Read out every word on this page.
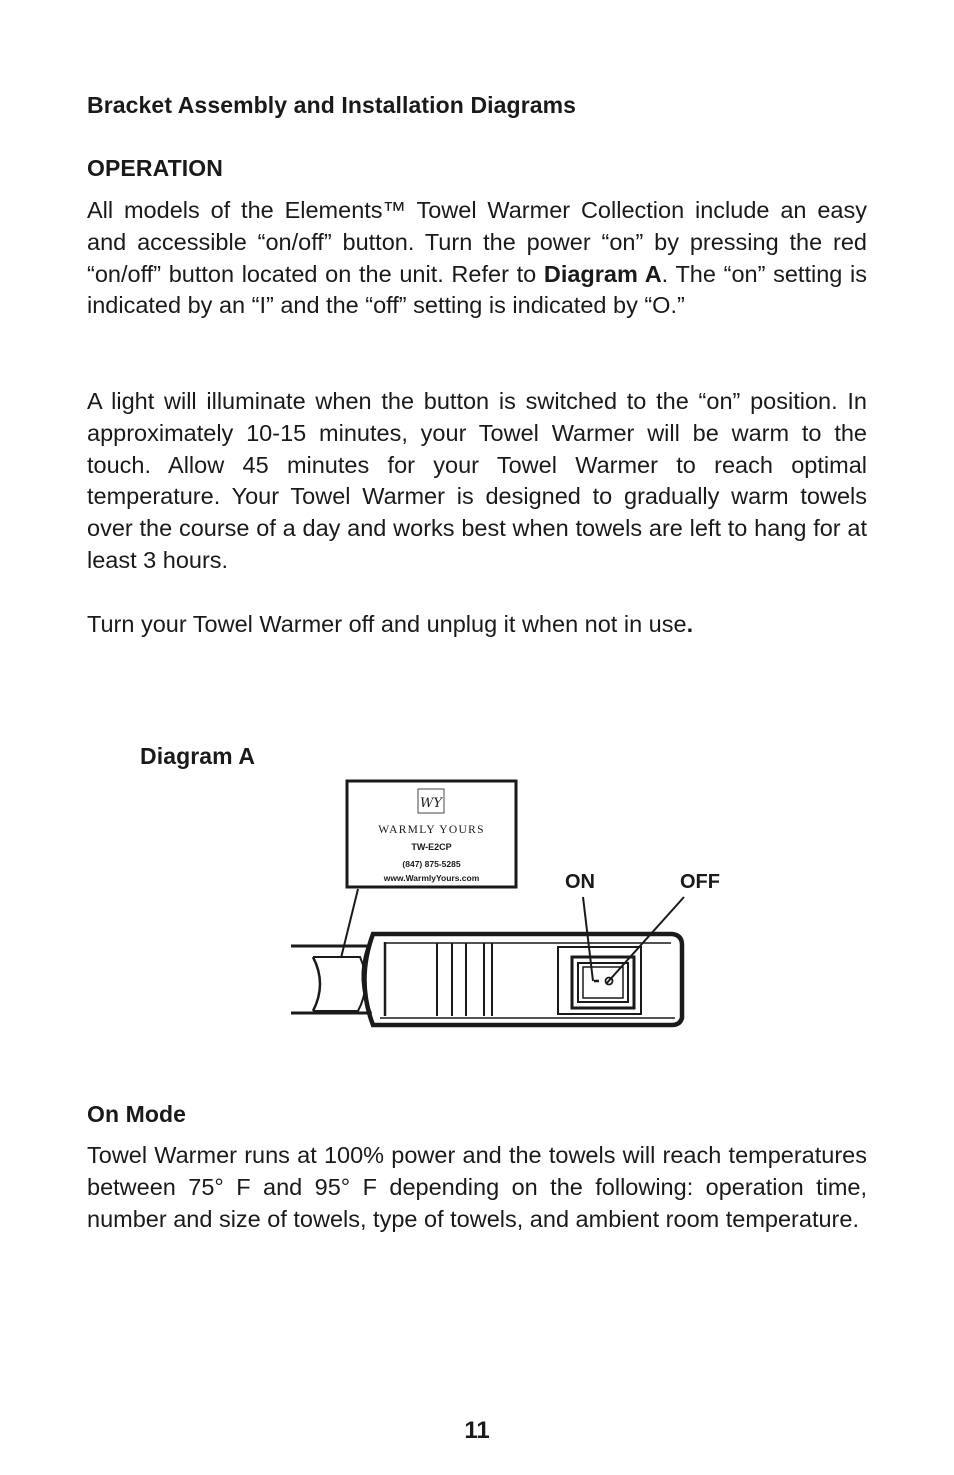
Bracket Assembly and Installation Diagrams
OPERATION

All models of the Elements™ Towel Warmer Collection include an easy and accessible “on/off” button. Turn the power “on” by pressing the red “on/off” button located on the unit. Refer to Diagram A. The “on” setting is indicated by an “I” and the “off” setting is indicated by “O.”

A light will illuminate when the button is switched to the “on” position. In approximately 10-15 minutes, your Towel Warmer will be warm to the touch. Allow 45 minutes for your Towel Warmer to reach optimal temperature. Your Towel Warmer is designed to gradually warm towels over the course of a day and works best when towels are left to hang for at least 3 hours.

Turn your Towel Warmer off and unplug it when not in use.

Diagram A
WY
WARMLY YOURS
TW-E2CP
(847) 875-5285
www.WarmlyYours.com	ON	OFF
On Mode

Towel Warmer runs at 100% power and the towels will reach temperatures between 75° F and 95° F depending on the following: operation time, number and size of towels, type of towels, and ambient room temperature.

11
